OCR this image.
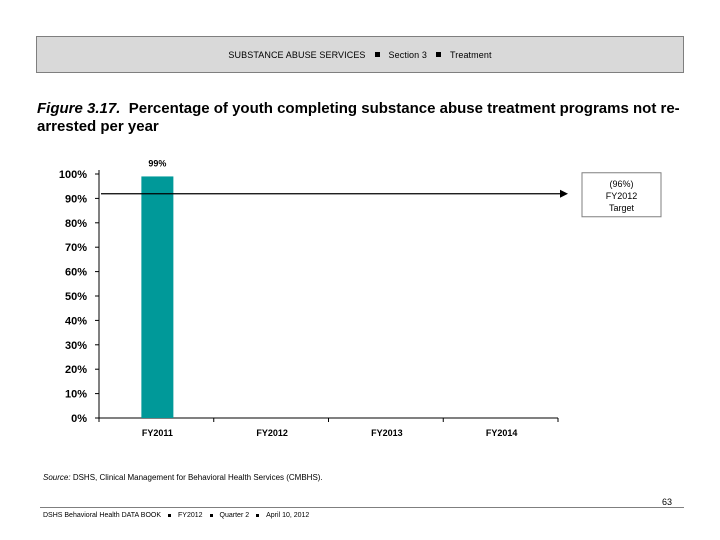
SUBSTANCE ABUSE SERVICES	Section 3	Treatment
Figure 3.17. Percentage of youth completing substance abuse treatment programs not re-arrested per year
0%
10%
20%
30%
40%
50%
60%
70%
80%
90%
100%
FY2011
99%
FY2012	FY2013	FY2014
(96%)
FY2012
Target
Source: DSHS, Clinical Management for Behavioral Health Services (CMBHS).
63
DSHS Behavioral Health DATA BOOK FY2012 Quarter 2 April 10, 2012
